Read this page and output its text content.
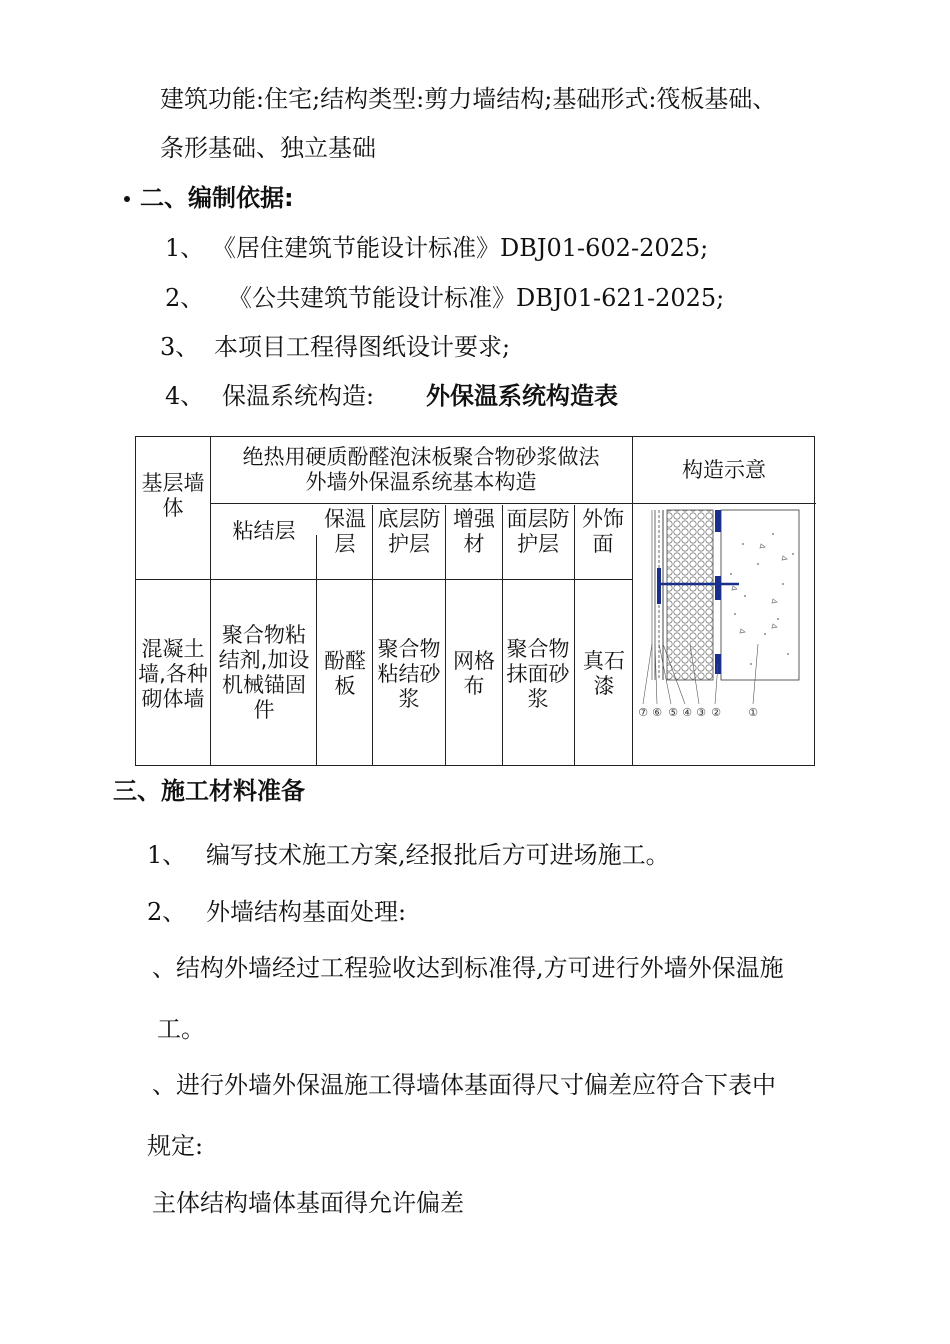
建筑功能:住宅;结构类型:剪力墙结构;基础形式:筏板基础、
条形基础、独立基础
二、编制依据:
1、 《居住建筑节能设计标准》DBJ01-602-2025;
2、 《公共建筑节能设计标准》DBJ01-621-2025;
3、 本项目工程得图纸设计要求;
4、 保温系统构造: 外保温系统构造表
基层墙体
绝热用硬质酚醛泡沫板聚合物砂浆做法
外墙外保温系统基本构造	构造示意
粘结层	保温层
底层防护层
增强材
面层防护层
外饰面
混凝土墙,各种砌体墙
聚合物粘结剂,加设机械锚固件
酚醛板
聚合物粘结砂浆
网格布
聚合物抹面砂浆
真石漆
⑦ ⑥ ⑤ ④ ③ ② ①
三、施工材料准备
1、 编写技术施工方案,经报批后方可进场施工。
2、 外墙结构基面处理:
、结构外墙经过工程验收达到标准得,方可进行外墙外保温施
工。
、进行外墙外保温施工得墙体基面得尺寸偏差应符合下表中
规定:
主体结构墙体基面得允许偏差
